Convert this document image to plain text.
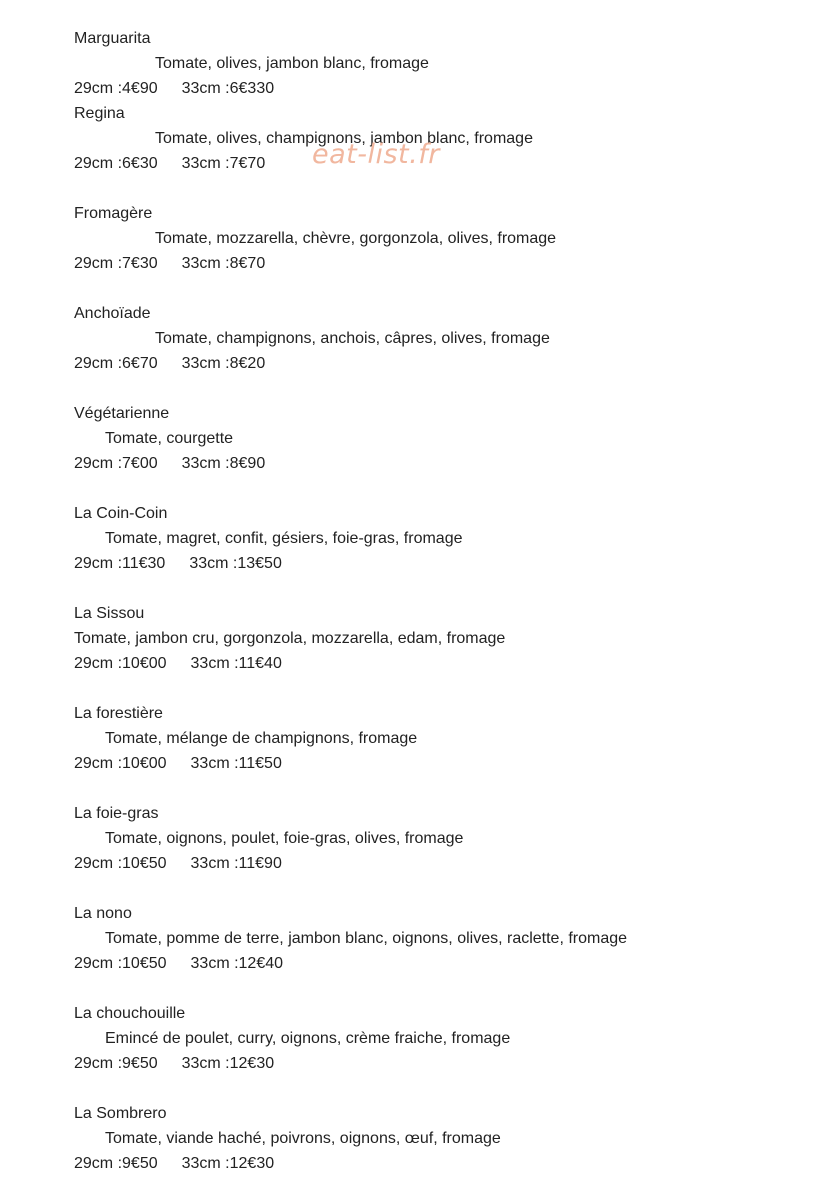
Marguarita
Tomate, olives, jambon blanc, fromage
29cm :4€90 33cm :6€330
Regina
Tomate, olives, champignons, jambon blanc, fromage
29cm :6€30 33cm :7€70
Fromagère
Tomate, mozzarella, chèvre, gorgonzola, olives, fromage
29cm :7€30 33cm :8€70
Anchoïade
Tomate, champignons, anchois, câpres, olives, fromage
29cm :6€70 33cm :8€20
Végétarienne
Tomate, courgette
29cm :7€00 33cm :8€90
La Coin-Coin
Tomate, magret, confit, gésiers, foie-gras, fromage
29cm :11€30 33cm :13€50
La Sissou
Tomate, jambon cru, gorgonzola, mozzarella, edam, fromage
29cm :10€00 33cm :11€40
La forestière
Tomate, mélange de champignons, fromage
29cm :10€00 33cm :11€50
La foie-gras
Tomate, oignons, poulet, foie-gras, olives, fromage
29cm :10€50 33cm :11€90
La nono
Tomate, pomme de terre, jambon blanc, oignons, olives, raclette, fromage
29cm :10€50 33cm :12€40
La chouchouille
Emincé de poulet, curry, oignons, crème fraiche, fromage
29cm :9€50 33cm :12€30
La Sombrero
Tomate, viande haché, poivrons, oignons, œuf, fromage
29cm :9€50 33cm :12€30
eat-list.fr
